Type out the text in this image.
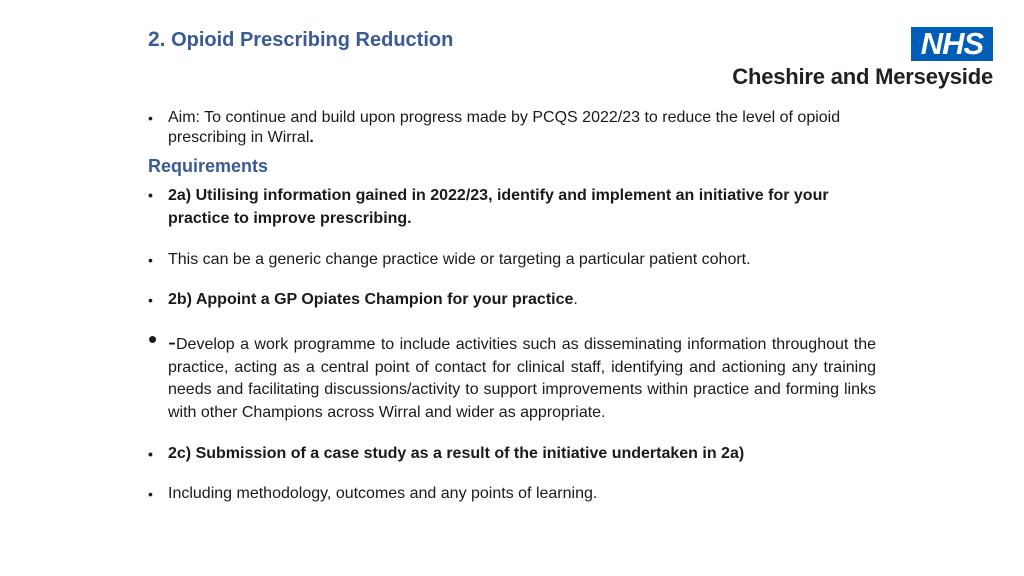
2. Opioid Prescribing Reduction	NHS
Cheshire and Merseyside
• Aim: To continue and build upon progress made by PCQS 2022/23 to reduce the level of opioid prescribing in Wirral.
Requirements
• 2a) Utilising information gained in 2022/23, identify and implement an initiative for your practice to improve prescribing.
• This can be a generic change practice wide or targeting a particular patient cohort.
• 2b) Appoint a GP Opiates Champion for your practice.
• -Develop a work programme to include activities such as disseminating information throughout the practice, acting as a central point of contact for clinical staff, identifying and actioning any training needs and facilitating discussions/activity to support improvements within practice and forming links with other Champions across Wirral and wider as appropriate.
• 2c) Submission of a case study as a result of the initiative undertaken in 2a)
• Including methodology, outcomes and any points of learning.
